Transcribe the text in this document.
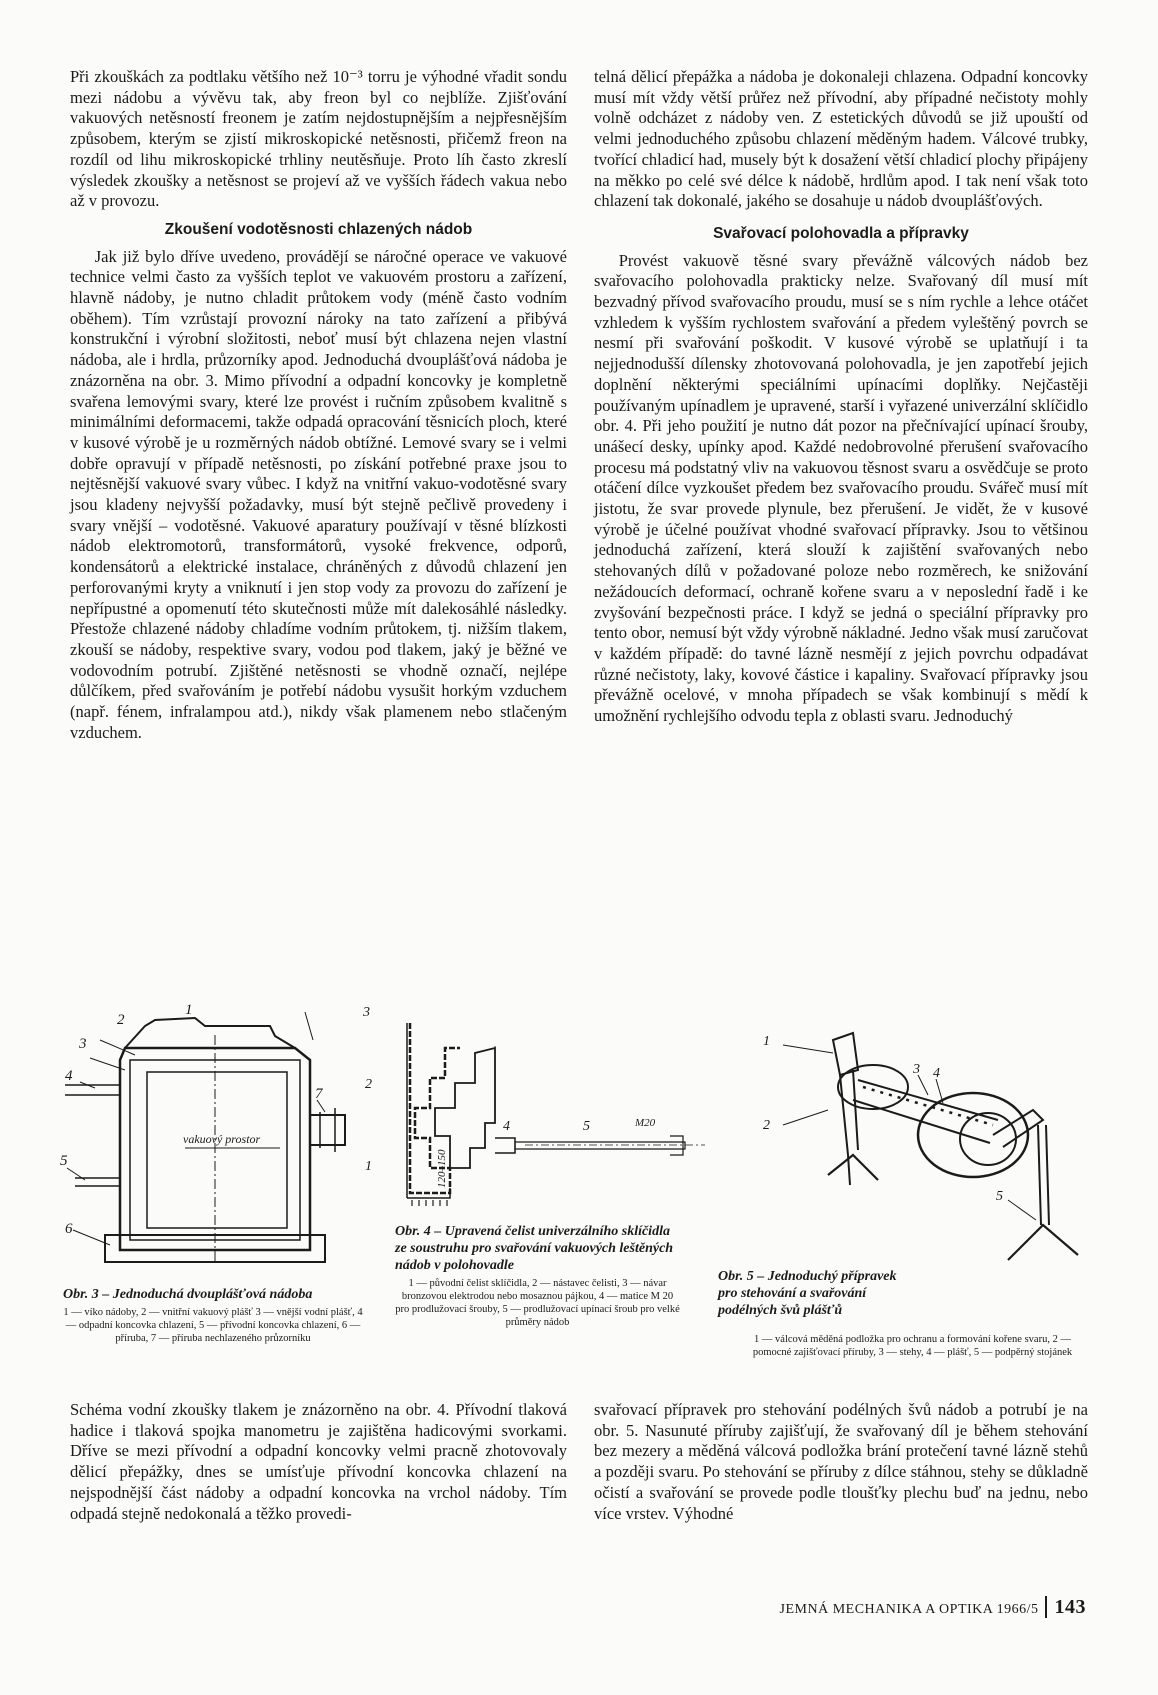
Při zkouškách za podtlaku většího než 10⁻³ torru je výhodné vřadit sondu mezi nádobu a vývěvu tak, aby freon byl co nejblíže. Zjišťování vakuových netěsností freonem je zatím nejdostupnějším a nejpřesnějším způsobem, kterým se zjistí mikroskopické netěsnosti, přičemž freon na rozdíl od lihu mikroskopické trhliny neutěsňuje. Proto líh často zkreslí výsledek zkoušky a netěsnost se projeví až ve vyšších řádech vakua nebo až v provozu.

Zkoušení vodotěsnosti chlazených nádob

Jak již bylo dříve uvedeno, provádějí se náročné operace ve vakuové technice velmi často za vyšších teplot ve vakuovém prostoru a zařízení, hlavně nádoby, je nutno chladit průtokem vody (méně často vodním oběhem). Tím vzrůstají provozní nároky na tato zařízení a přibývá konstrukční i výrobní složitosti, neboť musí být chlazena nejen vlastní nádoba, ale i hrdla, průzorníky apod. Jednoduchá dvouplášťová nádoba je znázorněna na obr. 3. Mimo přívodní a odpadní koncovky je kompletně svařena lemovými svary, které lze provést i ručním způsobem kvalitně s minimálními deformacemi, takže odpadá opracování těsnicích ploch, které v kusové výrobě je u rozměrných nádob obtížné. Lemové svary se i velmi dobře opravují v případě netěsnosti, po získání potřebné praxe jsou to nejtěsnější vakuové svary vůbec. I když na vnitřní vakuo-vodotěsné svary jsou kladeny nejvyšší požadavky, musí být stejně pečlivě provedeny i svary vnější – vodotěsné. Vakuové aparatury používají v těsné blízkosti nádob elektromotorů, transformátorů, vysoké frekvence, odporů, kondensátorů a elektrické instalace, chráněných z důvodů chlazení jen perforovanými kryty a vniknutí i jen stop vody za provozu do zařízení je nepřípustné a opomenutí této skutečnosti může mít dalekosáhlé následky. Přestože chlazené nádoby chladíme vodním průtokem, tj. nižším tlakem, zkouší se nádoby, respektive svary, vodou pod tlakem, jaký je běžné ve vodovodním potrubí. Zjištěné netěsnosti se vhodně označí, nejlépe důlčíkem, před svařováním je potřebí nádobu vysušit horkým vzduchem (např. fénem, infralampou atd.), nikdy však plamenem nebo stlačeným vzduchem.

telná dělicí přepážka a nádoba je dokonaleji chlazena. Odpadní koncovky musí mít vždy větší průřez než přívodní, aby případné nečistoty mohly volně odcházet z nádoby ven. Z estetických důvodů se již upouští od velmi jednoduchého způsobu chlazení měděným hadem. Válcové trubky, tvořící chladicí had, musely být k dosažení větší chladicí plochy připájeny na měkko po celé své délce k nádobě, hrdlům apod. I tak není však toto chlazení tak dokonalé, jakého se dosahuje u nádob dvouplášťových.

Svařovací polohovadla a přípravky

Provést vakuově těsné svary převážně válcových nádob bez svařovacího polohovadla prakticky nelze. Svařovaný díl musí mít bezvadný přívod svařovacího proudu, musí se s ním rychle a lehce otáčet vzhledem k vyšším rychlostem svařování a předem vyleštěný povrch se nesmí při svařování poškodit. V kusové výrobě se uplatňují i ta nejjednodušší dílensky zhotovovaná polohovadla, je jen zapotřebí jejich doplnění některými speciálními upínacími doplňky. Nejčastěji používaným upínadlem je upravené, starší i vyřazené univerzální sklíčidlo obr. 4. Při jeho použití je nutno dát pozor na přečnívající upínací šrouby, unášecí desky, upínky apod. Každé nedobrovolné přerušení svařovacího procesu má podstatný vliv na vakuovou těsnost svaru a osvědčuje se proto otáčení dílce vyzkoušet předem bez svařovacího proudu. Svářeč musí mít jistotu, že svar provede plynule, bez přerušení. Je vidět, že v kusové výrobě je účelné používat vhodné svařovací přípravky. Jsou to většinou jednoduchá zařízení, která slouží k zajištění svařovaných nebo stehovaných dílů v požadované poloze nebo rozměrech, ke snižování nežádoucích deformací, ochraně kořene svaru a v neposlední řadě i ke zvyšování bezpečnosti práce. I když se jedná o speciální přípravky pro tento obor, nemusí být vždy výrobně nákladné. Jedno však musí zaručovat v každém případě: do tavné lázně nesmějí z jejich povrchu odpadávat různé nečistoty, laky, kovové částice i kapaliny. Svařovací přípravky jsou převážně ocelové, v mnoha případech se však kombinují s mědí k umožnění rychlejšího odvodu tepla z oblasti svaru. Jednoduchý

2
1
3
4
5
6
7
vakuový prostor
Obr. 3 – Jednoduchá dvouplášťová nádoba
1 — víko nádoby, 2 — vnitřní vakuový plášť 3 — vnější vodní plášť, 4 — odpadní koncovka chlazení, 5 — přívodní koncovka chlazení, 6 — příruba, 7 — příruba nechlazeného průzorníku
120–150
M20
3
2
1
4	5
Obr. 4 – Upravená čelist univerzálního sklíčidla ze soustruhu pro svařování vakuových leštěných nádob v polohovadle
1 — původní čelist sklíčidla, 2 — nástavec čelisti, 3 — návar bronzovou elektrodou nebo mosaznou pájkou, 4 — matice M 20 pro prodlužovací šrouby, 5 — prodlužovací upínací šroub pro velké průměry nádob
1
2
3 4
5
Obr. 5 – Jednoduchý přípravek pro stehování a svařování podélných švů plášťů
1 — válcová měděná podložka pro ochranu a formování kořene svaru, 2 — pomocné zajišťovací příruby, 3 — stehy, 4 — plášť, 5 — podpěrný stojánek

Schéma vodní zkoušky tlakem je znázorněno na obr. 4. Přívodní tlaková hadice i tlaková spojka manometru je zajištěna hadicovými svorkami. Dříve se mezi přívodní a odpadní koncovky velmi pracně zhotovovaly dělicí přepážky, dnes se umísťuje přívodní koncovka chlazení na nejspodnější část nádoby a odpadní koncovka na vrchol nádoby. Tím odpadá stejně nedokonalá a těžko provedi-

svařovací přípravek pro stehování podélných švů nádob a potrubí je na obr. 5. Nasunuté příruby zajišťují, že svařovaný díl je během stehování bez mezery a měděná válcová podložka brání protečení tavné lázně stehů a později svaru. Po stehování se příruby z dílce stáhnou, stehy se důkladně očistí a svařování se provede podle tloušťky plechu buď na jednu, nebo více vrstev. Výhodné

JEMNÁ MECHANIKA A OPTIKA 1966/5 143
